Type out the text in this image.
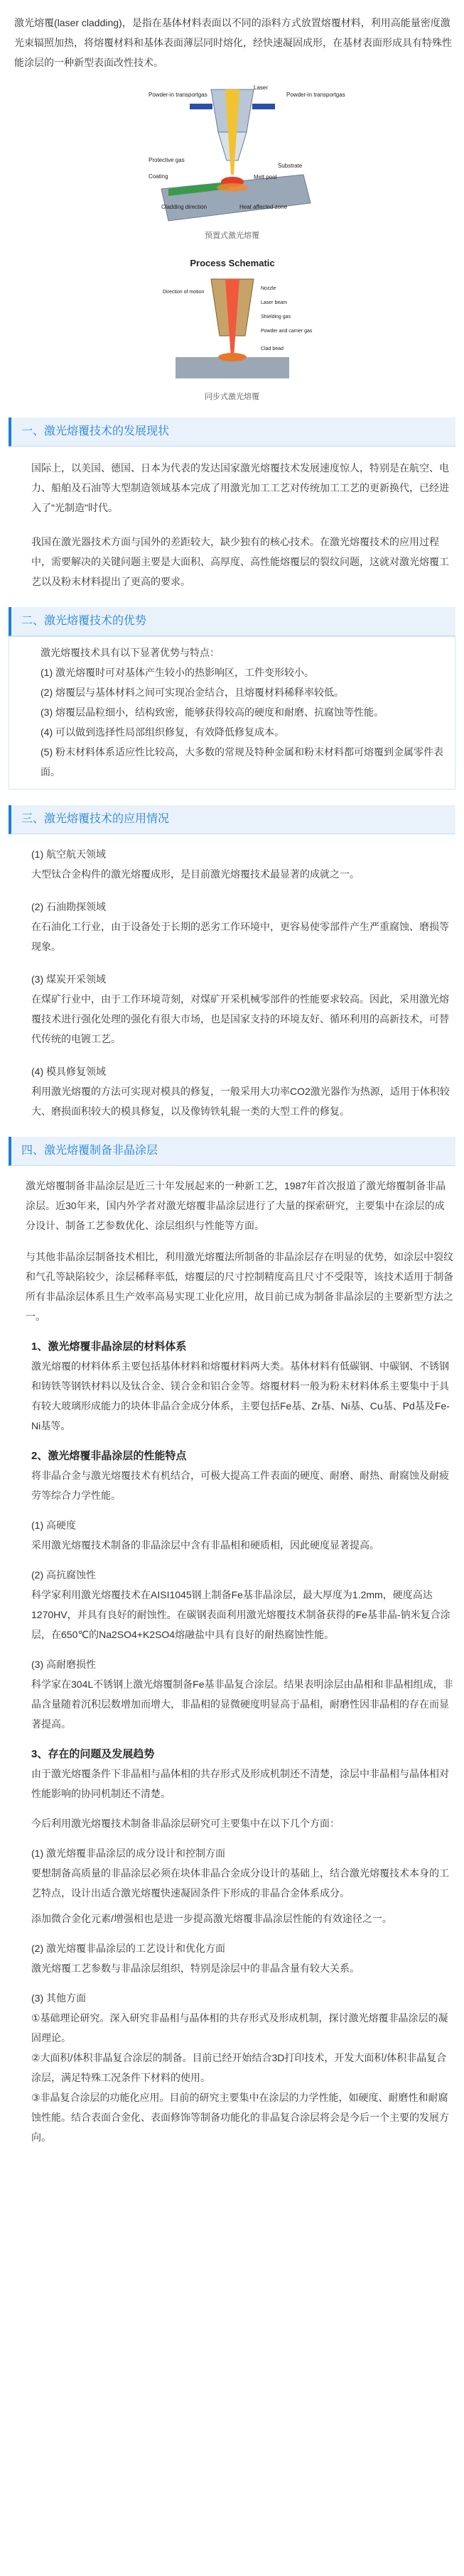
激光熔覆(laser cladding)，是指在基体材料表面以不同的添料方式放置熔覆材料，利用高能量密度激光束辐照加热，将熔覆材料和基体表面薄层同时熔化，经快速凝固成形，在基材表面形成具有特殊性能涂层的一种新型表面改性技术。

Powder-in transportgas
Laser
Powder-in transportgas
Protective gas
Coating
Cladding direction	Heat affected zone
Substrate
Melt pool
预置式激光熔覆
Process Schematic
Direction of motion
Nozzle
Laser beam
Shielding gas
Powder and carrier gas
Clad bead
同步式激光熔覆
一、激光熔覆技术的发展现状

国际上，以美国、德国、日本为代表的发达国家激光熔覆技术发展速度惊人，特别是在航空、电力、船舶及石油等大型制造领域基本完成了用激光加工工艺对传统加工工艺的更新换代，已经进入了"光制造"时代。

我国在激光器技术方面与国外的差距较大，缺少独有的核心技术。在激光熔覆技术的应用过程中，需要解决的关键问题主要是大面积、高厚度、高性能熔覆层的裂纹问题，这就对激光熔覆工艺以及粉末材料提出了更高的要求。

二、激光熔覆技术的优势

激光熔覆技术具有以下显著优势与特点：

(1) 激光熔覆时可对基体产生较小的热影响区，工件变形较小。

(2) 熔覆层与基体材料之间可实现冶金结合，且熔覆材料稀释率较低。

(3) 熔覆层晶粒细小，结构致密，能够获得较高的硬度和耐磨、抗腐蚀等性能。

(4) 可以做到选择性局部组织修复，有效降低修复成本。

(5) 粉末材料体系适应性比较高，大多数的常规及特种金属和粉末材料都可熔覆到金属零件表面。

三、激光熔覆技术的应用情况

(1) 航空航天领域

大型钛合金构件的激光熔覆成形，是目前激光熔覆技术最显著的成就之一。

(2) 石油勘探领域

在石油化工行业，由于设备处于长期的恶劣工作环境中，更容易使零部件产生严重腐蚀、磨损等现象。

(3) 煤炭开采领域

在煤矿行业中，由于工作环境苛刻，对煤矿开采机械零部件的性能要求较高。因此，采用激光熔覆技术进行强化处理的强化有很大市场，也是国家支持的环境友好、循环利用的高新技术，可替代传统的电镀工艺。

(4) 模具修复领域

利用激光熔覆的方法可实现对模具的修复，一般采用大功率CO2激光器作为热源，适用于体积较大、磨损面积较大的模具修复，以及像铸铁轧辊一类的大型工件的修复。

四、激光熔覆制备非晶涂层

激光熔覆制备非晶涂层是近三十年发展起来的一种新工艺，1987年首次报道了激光熔覆制备非晶涂层。近30年来，国内外学者对激光熔覆非晶涂层进行了大量的探索研究，主要集中在涂层的成分设计、制备工艺参数优化、涂层组织与性能等方面。

与其他非晶涂层制备技术相比，利用激光熔覆法所制备的非晶涂层存在明显的优势，如涂层中裂纹和气孔等缺陷较少，涂层稀释率低，熔覆层的尺寸控制精度高且尺寸不受限等，该技术适用于制备所有非晶涂层体系且生产效率高易实现工业化应用，故目前已成为制备非晶涂层的主要新型方法之一。

1、激光熔覆非晶涂层的材料体系

激光熔覆的材料体系主要包括基体材料和熔覆材料两大类。基体材料有低碳钢、中碳钢、不锈钢和铸铁等钢铁材料以及钛合金、镁合金和铝合金等。熔覆材料一般为粉末材料体系主要集中于具有较大玻璃形成能力的块体非晶合金成分体系，主要包括Fe基、Zr基、Ni基、Cu基、Pd基及Fe-Ni基等。

2、激光熔覆非晶涂层的性能特点

将非晶合金与激光熔覆技术有机结合，可极大提高工件表面的硬度、耐磨、耐热、耐腐蚀及耐疲劳等综合力学性能。

(1) 高硬度

采用激光熔覆技术制备的非晶涂层中含有非晶相和硬质相，因此硬度显著提高。

(2) 高抗腐蚀性

科学家利用激光熔覆技术在AISI1045钢上制备Fe基非晶涂层，最大厚度为1.2mm，硬度高达1270HV，并具有良好的耐蚀性。在碳钢表面利用激光熔覆技术制备获得的Fe基非晶-钠米复合涂层，在650℃的Na2SO4+K2SO4熔融盐中具有良好的耐热腐蚀性能。

(3) 高耐磨损性

科学家在304L不锈钢上激光熔覆制备Fe基非晶复合涂层。结果表明涂层由晶相和非晶相组成，非晶含量随着沉积层数增加而增大，非晶相的显微硬度明显高于晶相，耐磨性因非晶相的存在而显著提高。

3、存在的问题及发展趋势

由于激光熔覆条件下非晶相与晶体相的共存形式及形成机制还不清楚，涂层中非晶相与晶体相对性能影响的协同机制还不清楚。

今后利用激光熔覆技术制备非晶涂层研究可主要集中在以下几个方面：

(1) 激光熔覆非晶涂层的成分设计和控制方面

要想制备高质量的非晶涂层必须在块体非晶合金成分设计的基础上，结合激光熔覆技术本身的工艺特点，设计出适合激光熔覆快速凝固条件下形成的非晶合金体系成分。

添加微合金化元素/增强相也是进一步提高激光熔覆非晶涂层性能的有效途径之一。

(2) 激光熔覆非晶涂层的工艺设计和优化方面

激光熔覆工艺参数与非晶涂层组织，特别是涂层中的非晶含量有较大关系。

(3) 其他方面

①基础理论研究。深入研究非晶相与晶体相的共存形式及形成机制，探讨激光熔覆非晶涂层的凝固理论。

②大面积/体积非晶复合涂层的制备。目前已经开始结合3D打印技术，开发大面积/体积非晶复合涂层，满足特殊工况条件下材料的使用。

③非晶复合涂层的功能化应用。目前的研究主要集中在涂层的力学性能，如硬度、耐磨性和耐腐蚀性能。结合表面合金化、表面修饰等制备功能化的非晶复合涂层将会是今后一个主要的发展方向。
